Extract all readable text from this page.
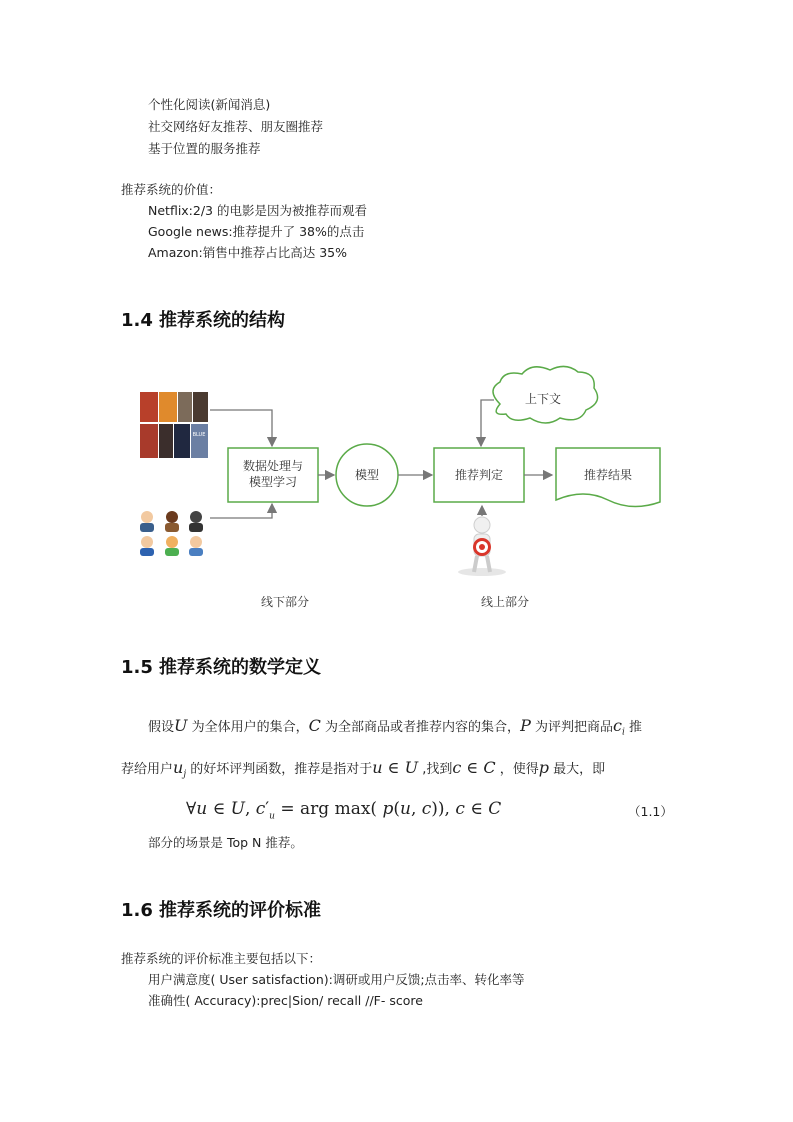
个性化阅读(新闻消息)
社交网络好友推荐、朋友圈推荐
基于位置的服务推荐
推荐系统的价值：
Netflix:2/3 的电影是因为被推荐而观看
Google news:推荐提升了 38%的点击
Amazon:销售中推荐占比高达 35%
1.4 推荐系统的结构
BLUE
数据处理与
模型学习	模型	推荐判定	推荐结果
上下文
线下部分	线上部分
1.5 推荐系统的数学定义
假设U 为全体用户的集合，C 为全部商品或者推荐内容的集合，P 为评判把商品$c_i$ 推
荐给用户$u_j$ 的好坏评判函数，推荐是指对于u ∈ U ,找到c ∈ C ，使得p 最大，即
∀u ∈ U, $c'_u$ = arg max( p(u, c)), c ∈ C	（1.1）
部分的场景是 Top N 推荐。
1.6 推荐系统的评价标准
推荐系统的评价标准主要包括以下：
用户满意度( User satisfaction):调研或用户反馈;点击率、转化率等
准确性( Accuracy):prec|Sion/ recall //F- score
